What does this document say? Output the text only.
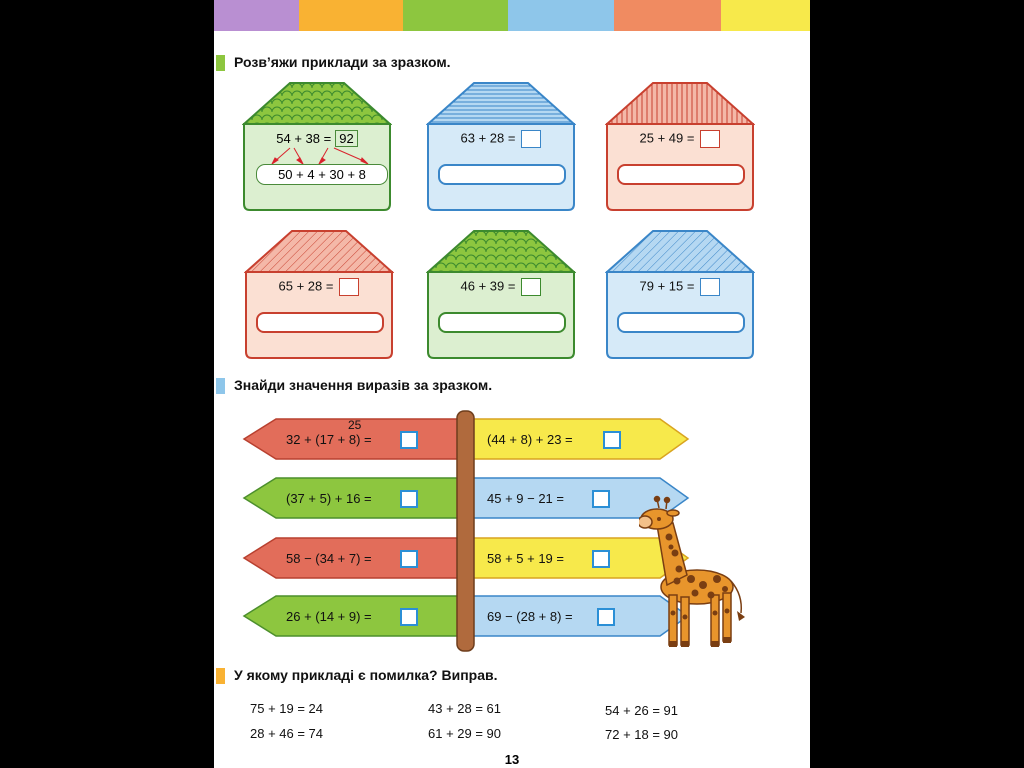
Розв’яжи приклади за зразком.
54 + 38 = 92
50 + 4 + 30 + 8
63 + 28 =	25 + 49 =
65 + 28 =	46 + 39 =	79 + 15 =
Знайди значення виразів за зразком.
25
32 + (17 + 8) =
(37 + 5) + 16 =
58 − (34 + 7) =
26 + (14 + 9) =
(44 + 8) + 23 =
45 + 9 − 21 =
58 + 5 + 19 =
69 − (28 + 8) =
У якому прикладі є помилка? Виправ.
75 + 19 = 24
28 + 46 = 74
43 + 28 = 61
61 + 29 = 90
54 + 26 = 91
72 + 18 = 90
13
